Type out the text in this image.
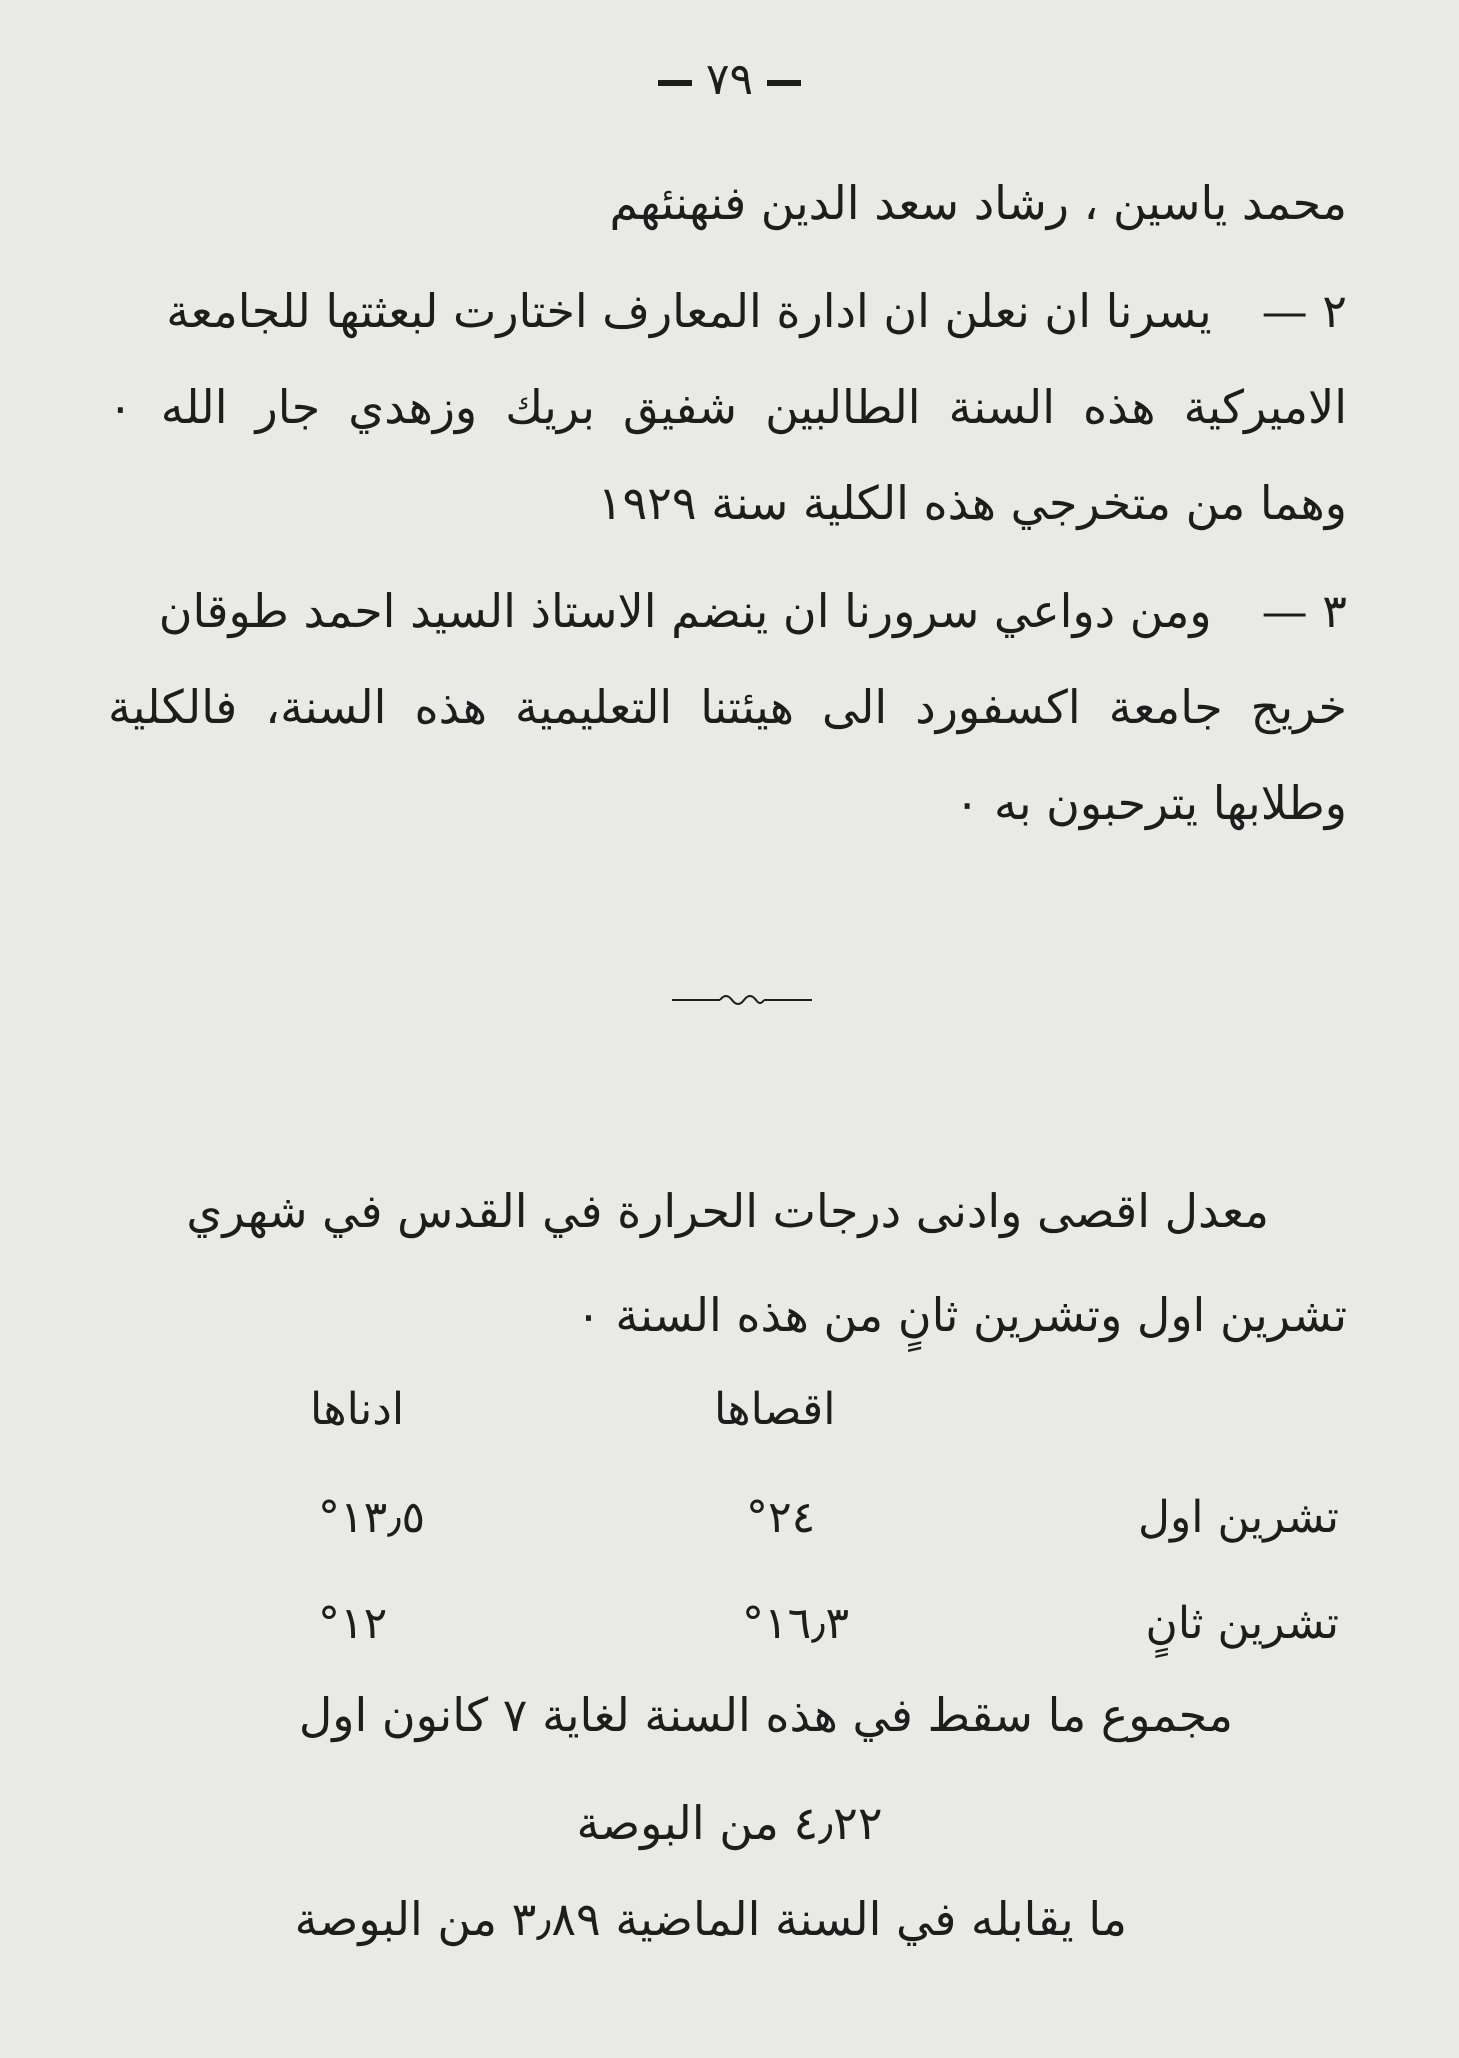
٧٩
محمد ياسين ، رشاد سعد الدين فنهنئهم
٢ —يسرنا ان نعلن ان ادارة المعارف اختارت لبعثتها للجامعة
الاميركية هذه السنة الطالبين شفيق بريك وزهدي جار الله ٠
وهما من متخرجي هذه الكلية سنة ١٩٢٩
٣ —ومن دواعي سرورنا ان ينضم الاستاذ السيد احمد طوقان
خريج جامعة اكسفورد الى هيئتنا التعليمية هذه السنة، فالكلية
وطلابها يترحبون به ٠
معدل اقصى وادنى درجات الحرارة في القدس في شهري
تشرين اول وتشرين ثانٍ من هذه السنة ٠
اقصاها
ادناها
تشرين اول
٢٤°
١٣٫٥°
تشرين ثانٍ
١٦٫٣°
١٢°
مجموع ما سقط في هذه السنة لغاية ٧ كانون اول
٤٫٢٢ من البوصة
ما يقابله في السنة الماضية ٣٫٨٩ من البوصة
